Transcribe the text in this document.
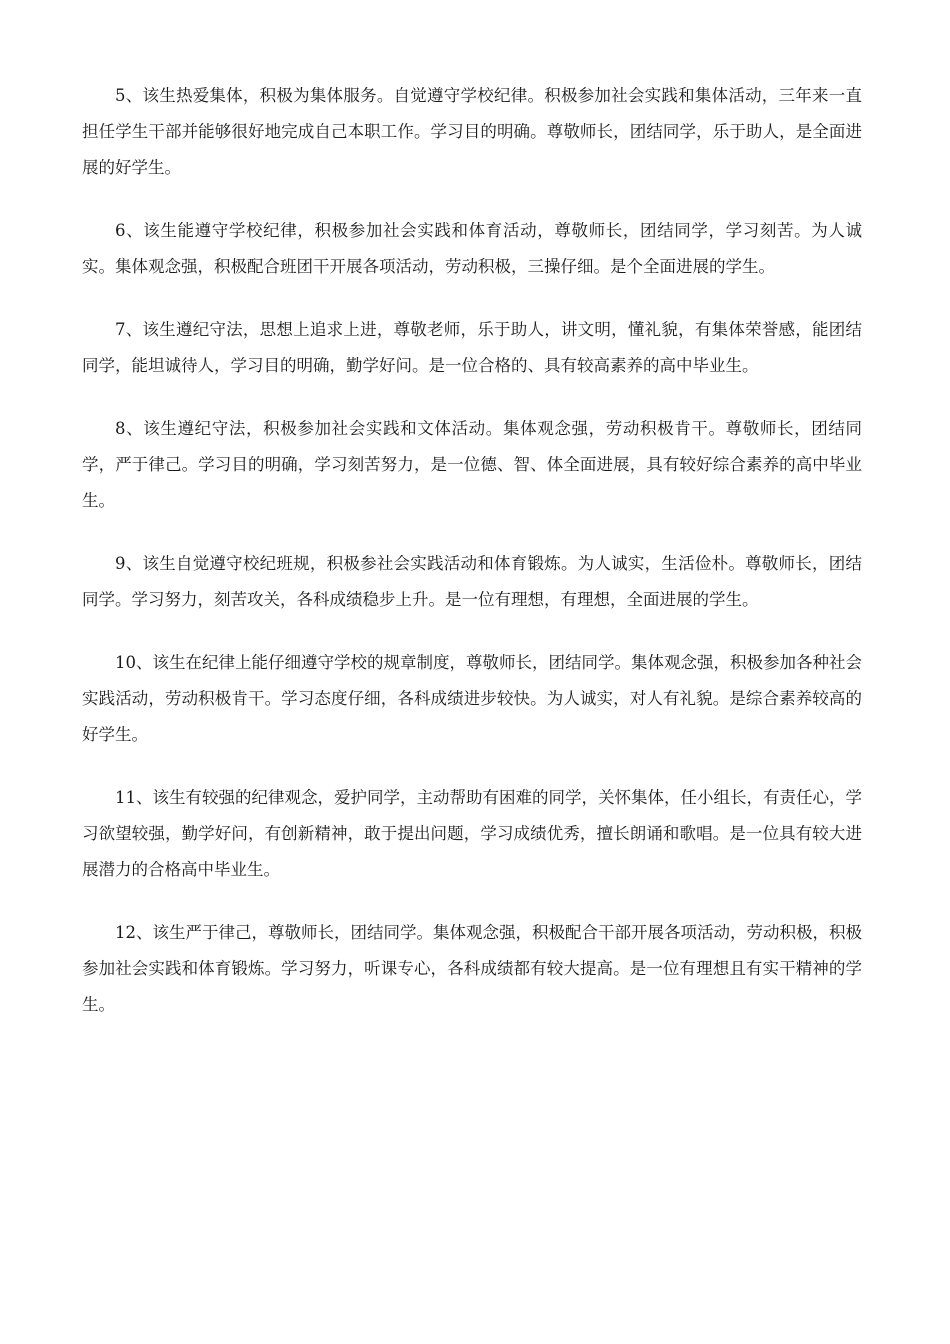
5、该生热爱集体，积极为集体服务。自觉遵守学校纪律。积极参加社会实践和集体活动，三年来一直担任学生干部并能够很好地完成自己本职工作。学习目的明确。尊敬师长，团结同学，乐于助人，是全面进展的好学生。

6、该生能遵守学校纪律，积极参加社会实践和体育活动，尊敬师长，团结同学，学习刻苦。为人诚实。集体观念强，积极配合班团干开展各项活动，劳动积极，三操仔细。是个全面进展的学生。

7、该生遵纪守法，思想上追求上进，尊敬老师，乐于助人，讲文明，懂礼貌，有集体荣誉感，能团结同学，能坦诚待人，学习目的明确，勤学好问。是一位合格的、具有较高素养的高中毕业生。

8、该生遵纪守法，积极参加社会实践和文体活动。集体观念强，劳动积极肯干。尊敬师长，团结同学，严于律己。学习目的明确，学习刻苦努力，是一位德、智、体全面进展，具有较好综合素养的高中毕业生。

9、该生自觉遵守校纪班规，积极参社会实践活动和体育锻炼。为人诚实，生活俭朴。尊敬师长，团结同学。学习努力，刻苦攻关，各科成绩稳步上升。是一位有理想，有理想，全面进展的学生。

10、该生在纪律上能仔细遵守学校的规章制度，尊敬师长，团结同学。集体观念强，积极参加各种社会实践活动，劳动积极肯干。学习态度仔细，各科成绩进步较快。为人诚实，对人有礼貌。是综合素养较高的好学生。

11、该生有较强的纪律观念，爱护同学，主动帮助有困难的同学，关怀集体，任小组长，有责任心，学习欲望较强，勤学好问，有创新精神，敢于提出问题，学习成绩优秀，擅长朗诵和歌唱。是一位具有较大进展潜力的合格高中毕业生。

12、该生严于律己，尊敬师长，团结同学。集体观念强，积极配合干部开展各项活动，劳动积极，积极参加社会实践和体育锻炼。学习努力，听课专心，各科成绩都有较大提高。是一位有理想且有实干精神的学生。
